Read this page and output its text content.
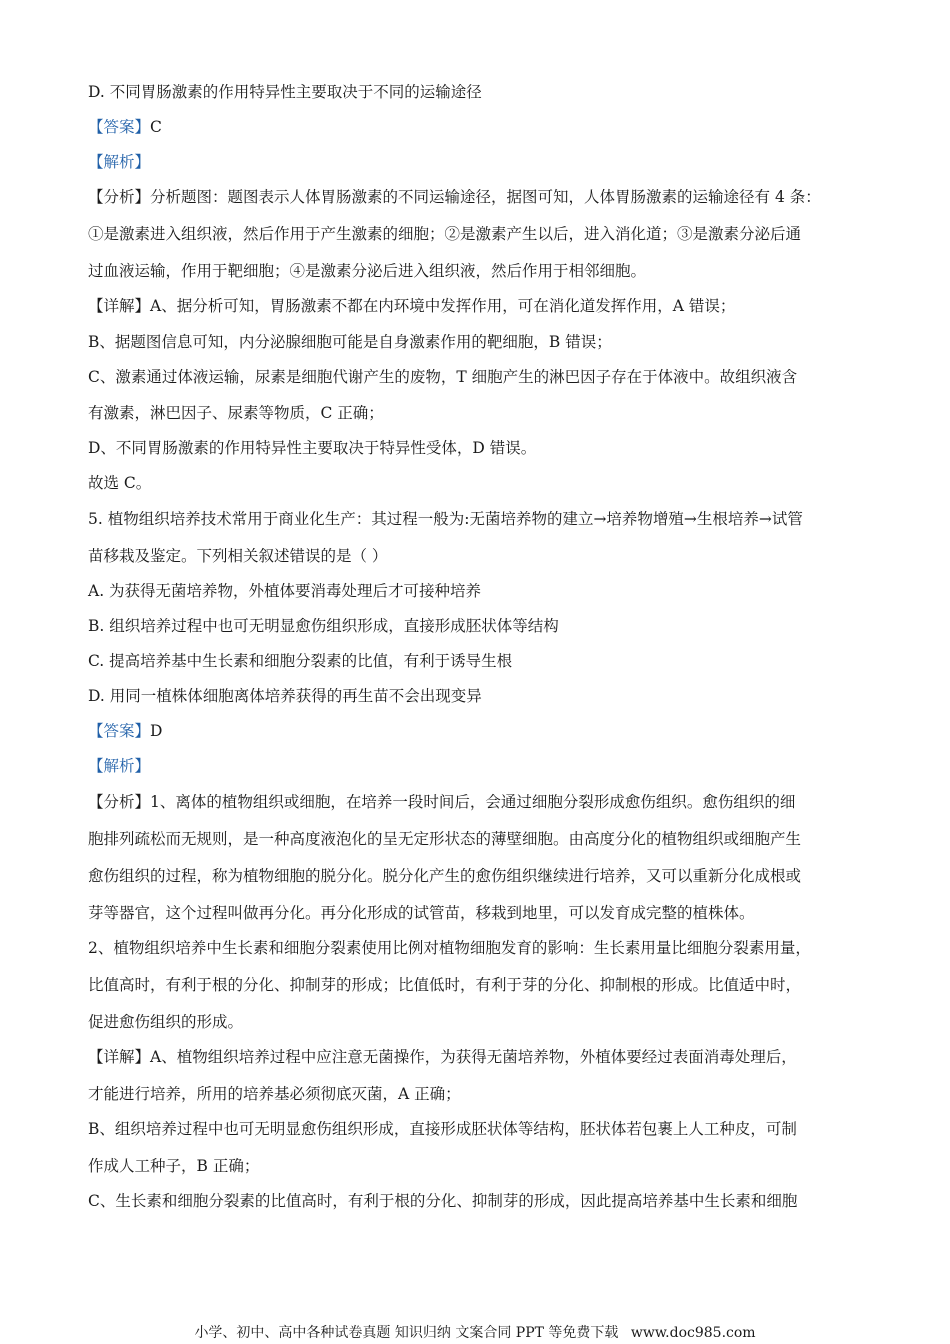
D. 不同胃肠激素的作用特异性主要取决于不同的运输途径
【答案】C
【解析】
【分析】分析题图：题图表示人体胃肠激素的不同运输途径，据图可知，人体胃肠激素的运输途径有 4 条：
①是激素进入组织液，然后作用于产生激素的细胞；②是激素产生以后，进入消化道；③是激素分泌后通
过血液运输，作用于靶细胞；④是激素分泌后进入组织液，然后作用于相邻细胞。
【详解】A、据分析可知，胃肠激素不都在内环境中发挥作用，可在消化道发挥作用，A 错误；
B、据题图信息可知，内分泌腺细胞可能是自身激素作用的靶细胞，B 错误；
C、激素通过体液运输，尿素是细胞代谢产生的废物，T 细胞产生的淋巴因子存在于体液中。故组织液含
有激素，淋巴因子、尿素等物质，C 正确；
D、不同胃肠激素的作用特异性主要取决于特异性受体，D 错误。
故选 C。
5. 植物组织培养技术常用于商业化生产：其过程一般为:无菌培养物的建立→培养物增殖→生根培养→试管
苗移栽及鉴定。下列相关叙述错误的是（ ）
A. 为获得无菌培养物，外植体要消毒处理后才可接种培养
B. 组织培养过程中也可无明显愈伤组织形成，直接形成胚状体等结构
C. 提高培养基中生长素和细胞分裂素的比值，有利于诱导生根
D. 用同一植株体细胞离体培养获得的再生苗不会出现变异
【答案】D
【解析】
【分析】1、离体的植物组织或细胞，在培养一段时间后，会通过细胞分裂形成愈伤组织。愈伤组织的细
胞排列疏松而无规则，是一种高度液泡化的呈无定形状态的薄壁细胞。由高度分化的植物组织或细胞产生
愈伤组织的过程，称为植物细胞的脱分化。脱分化产生的愈伤组织继续进行培养，又可以重新分化成根或
芽等器官，这个过程叫做再分化。再分化形成的试管苗，移栽到地里，可以发育成完整的植株体。
2、植物组织培养中生长素和细胞分裂素使用比例对植物细胞发育的影响：生长素用量比细胞分裂素用量，
比值高时，有利于根的分化、抑制芽的形成；比值低时，有利于芽的分化、抑制根的形成。比值适中时，
促进愈伤组织的形成。
【详解】A、植物组织培养过程中应注意无菌操作，为获得无菌培养物，外植体要经过表面消毒处理后，
才能进行培养，所用的培养基必须彻底灭菌，A 正确；
B、组织培养过程中也可无明显愈伤组织形成，直接形成胚状体等结构，胚状体若包裹上人工种皮，可制
作成人工种子，B 正确；
C、生长素和细胞分裂素的比值高时，有利于根的分化、抑制芽的形成，因此提高培养基中生长素和细胞
小学、初中、高中各种试卷真题 知识归纳 文案合同 PPT 等免费下载 www.doc985.com
